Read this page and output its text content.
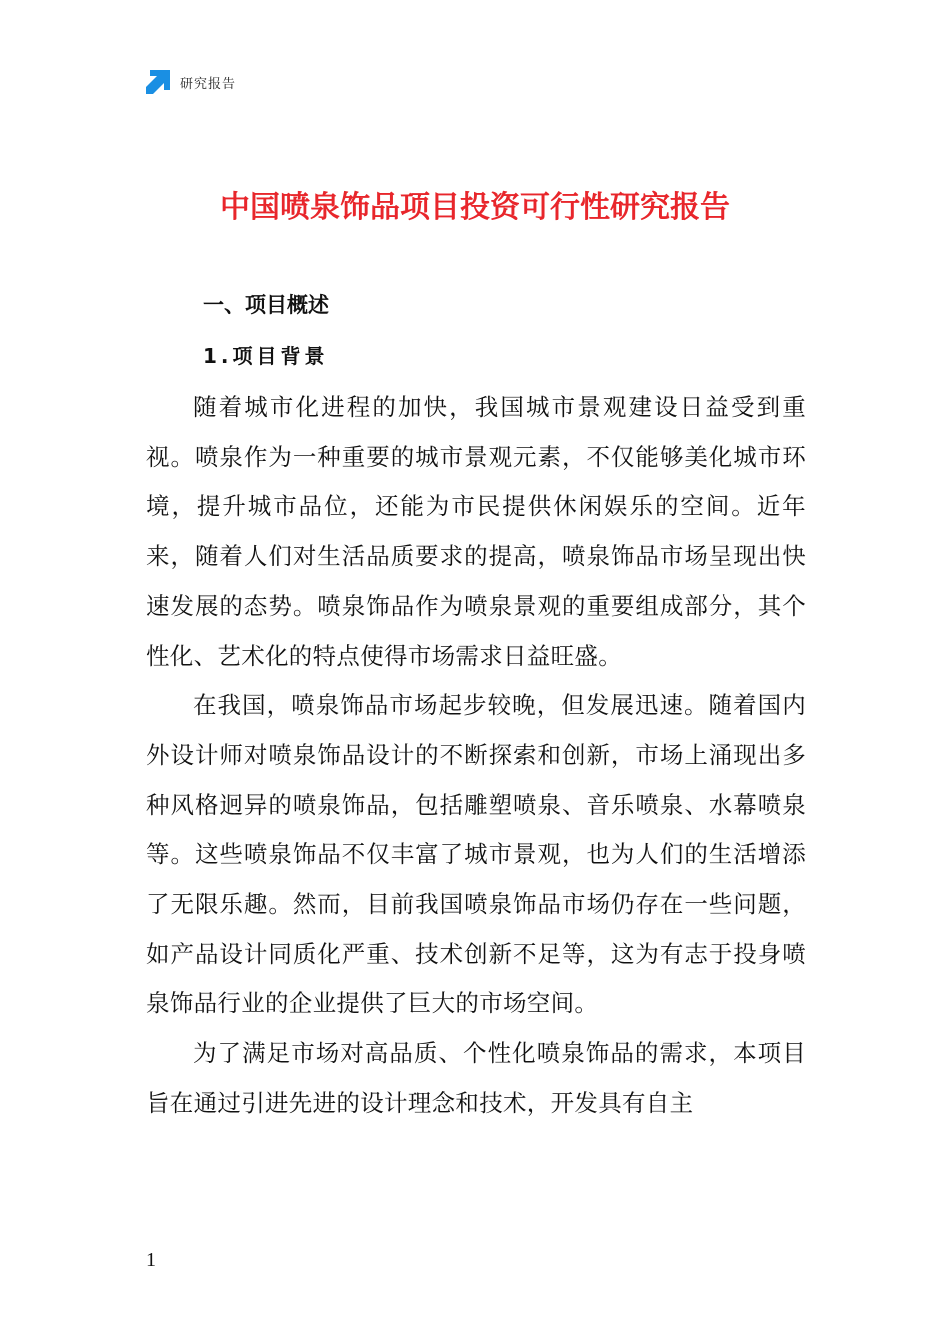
研究报告
中国喷泉饰品项目投资可行性研究报告
一、项目概述
1.项目背景

随着城市化进程的加快，我国城市景观建设日益受到重视。喷泉作为一种重要的城市景观元素，不仅能够美化城市环境，提升城市品位，还能为市民提供休闲娱乐的空间。近年来，随着人们对生活品质要求的提高，喷泉饰品市场呈现出快速发展的态势。喷泉饰品作为喷泉景观的重要组成部分，其个性化、艺术化的特点使得市场需求日益旺盛。

在我国，喷泉饰品市场起步较晚，但发展迅速。随着国内外设计师对喷泉饰品设计的不断探索和创新，市场上涌现出多种风格迥异的喷泉饰品，包括雕塑喷泉、音乐喷泉、水幕喷泉等。这些喷泉饰品不仅丰富了城市景观，也为人们的生活增添了无限乐趣。然而，目前我国喷泉饰品市场仍存在一些问题，如产品设计同质化严重、技术创新不足等，这为有志于投身喷泉饰品行业的企业提供了巨大的市场空间。

为了满足市场对高品质、个性化喷泉饰品的需求，本项目旨在通过引进先进的设计理念和技术，开发具有自主

1
